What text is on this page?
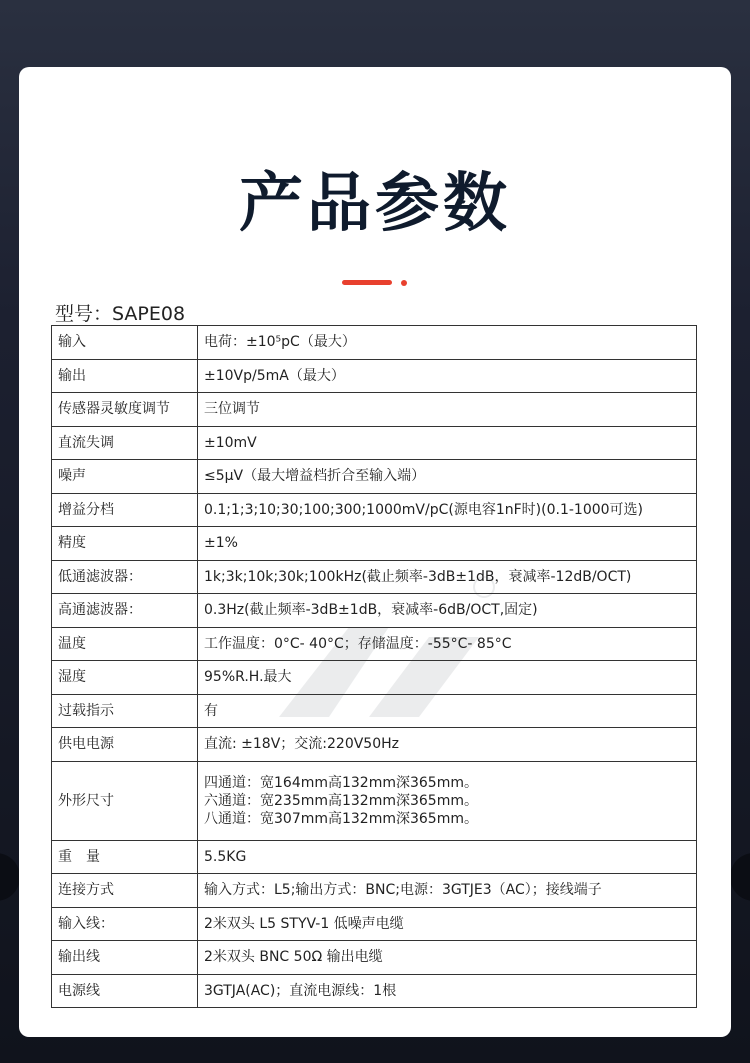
产品参数
型号：SAPE08
输入	电荷：±10⁵pC（最大）

输出	±10Vp/5mA（最大）

传感器灵敏度调节	三位调节

直流失调	±10mV

噪声	≤5μV（最大增益档折合至输入端）

增益分档	0.1;1;3;10;30;100;300;1000mV/pC(源电容1nF时)(0.1-1000可选)

精度	±1%

低通滤波器：	1k;3k;10k;30k;100kHz(截止频率-3dB±1dB，衰减率-12dB/OCT)

高通滤波器：	0.3Hz(截止频率-3dB±1dB，衰减率-6dB/OCT,固定)

温度	工作温度：0°C- 40°C；存储温度：-55°C- 85°C

湿度	95%R.H.最大

过载指示	有

供电电源	直流: ±18V；交流:220V50Hz

外形尺寸	四通道：宽164mm高132mm深365mm。
六通道：宽235mm高132mm深365mm。
八通道：宽307mm高132mm深365mm。

重　量	5.5KG

连接方式	输入方式：L5;输出方式：BNC;电源：3GTJE3（AC）；接线端子

输入线：	2米双头 L5 STYV-1 低噪声电缆

输出线	2米双头 BNC 50Ω 输出电缆

电源线	3GTJA(AC)；直流电源线：1根
